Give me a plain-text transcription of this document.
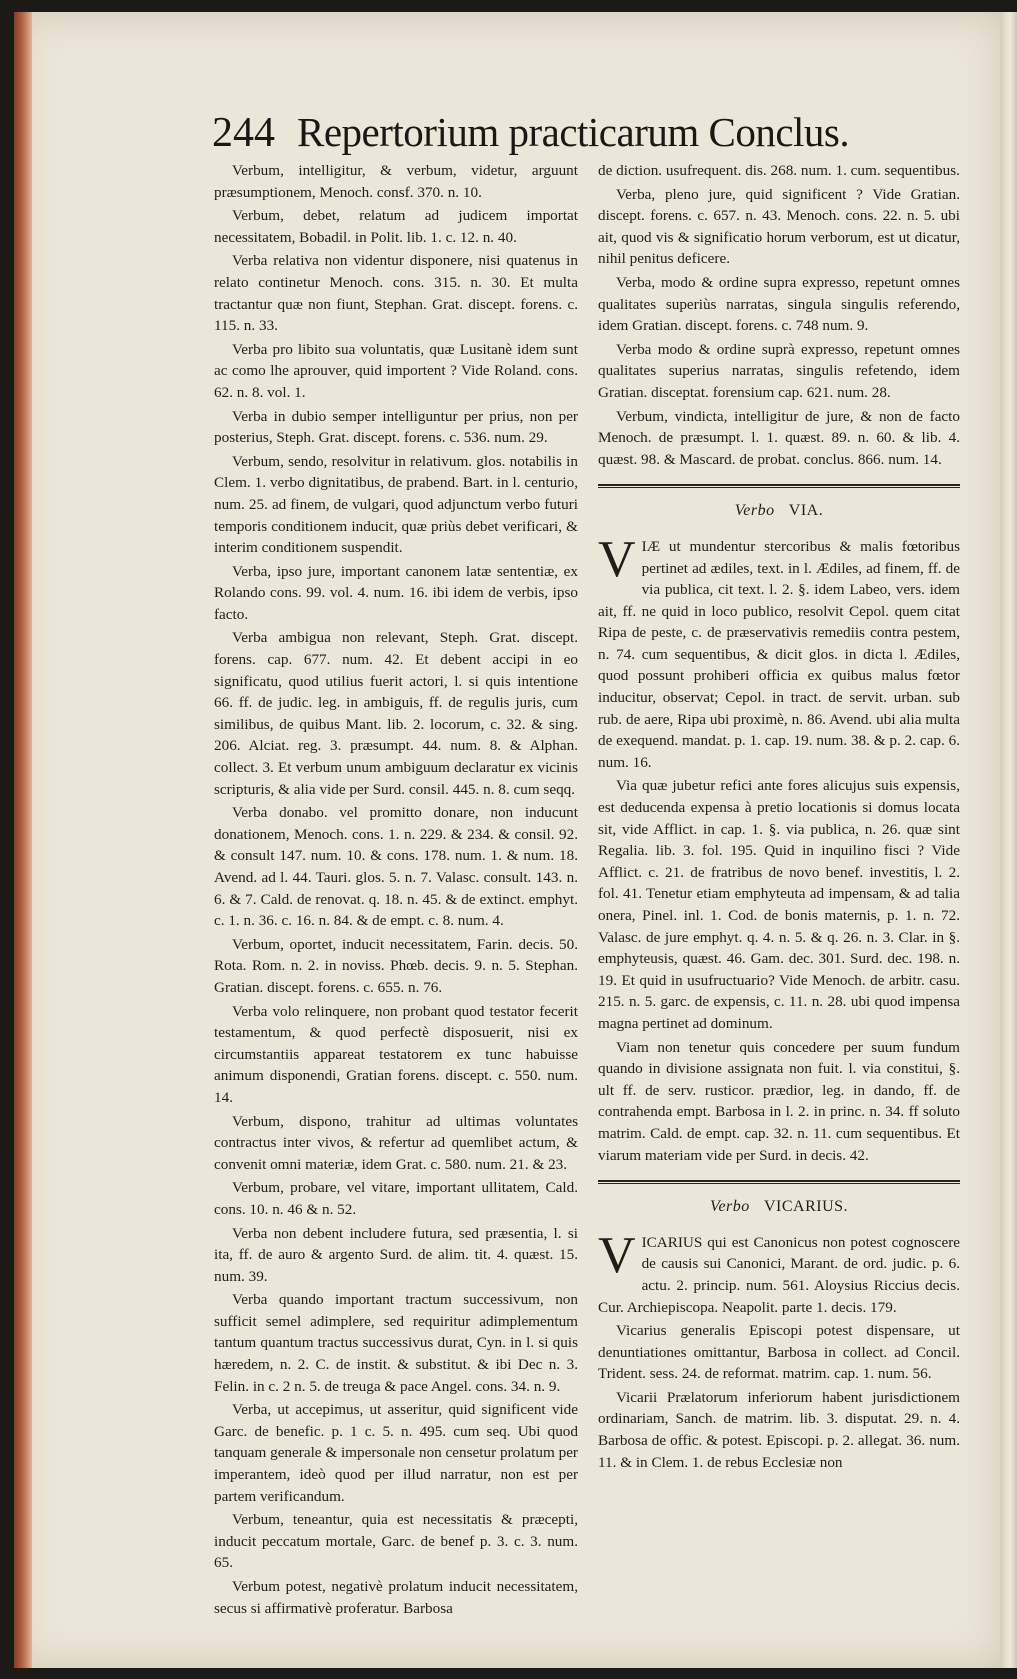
244 Repertorium practicarum Conclus.

Verbum, intelligitur, & verbum, videtur, arguunt præsumptionem, Menoch. consf. 370. n. 10.

Verbum, debet, relatum ad judicem importat necessitatem, Bobadil. in Polit. lib. 1. c. 12. n. 40.

Verba relativa non videntur disponere, nisi quatenus in relato continetur Menoch. cons. 315. n. 30. Et multa tractantur quæ non fiunt, Stephan. Grat. discept. forens. c. 115. n. 33.

Verba pro libito sua voluntatis, quæ Lusitanè idem sunt ac como lhe aprouver, quid importent ? Vide Roland. cons. 62. n. 8. vol. 1.

Verba in dubio semper intelliguntur per prius, non per posterius, Steph. Grat. discept. forens. c. 536. num. 29.

Verbum, sendo, resolvitur in relativum. glos. notabilis in Clem. 1. verbo dignitatibus, de prabend. Bart. in l. centurio, num. 25. ad finem, de vulgari, quod adjunctum verbo futuri temporis conditionem inducit, quæ priùs debet verificari, & interim conditionem suspendit.

Verba, ipso jure, important canonem latæ sententiæ, ex Rolando cons. 99. vol. 4. num. 16. ibi idem de verbis, ipso facto.

Verba ambigua non relevant, Steph. Grat. discept. forens. cap. 677. num. 42. Et debent accipi in eo significatu, quod utilius fuerit actori, l. si quis intentione 66. ff. de judic. leg. in ambiguis, ff. de regulis juris, cum similibus, de quibus Mant. lib. 2. locorum, c. 32. & sing. 206. Alciat. reg. 3. præsumpt. 44. num. 8. & Alphan. collect. 3. Et verbum unum ambiguum declaratur ex vicinis scripturis, & alia vide per Surd. consil. 445. n. 8. cum seqq.

Verba donabo. vel promitto donare, non inducunt donationem, Menoch. cons. 1. n. 229. & 234. & consil. 92. & consult 147. num. 10. & cons. 178. num. 1. & num. 18. Avend. ad l. 44. Tauri. glos. 5. n. 7. Valasc. consult. 143. n. 6. & 7. Cald. de renovat. q. 18. n. 45. & de extinct. emphyt. c. 1. n. 36. c. 16. n. 84. & de empt. c. 8. num. 4.

Verbum, oportet, inducit necessitatem, Farin. decis. 50. Rota. Rom. n. 2. in noviss. Phœb. decis. 9. n. 5. Stephan. Gratian. discept. forens. c. 655. n. 76.

Verba volo relinquere, non probant quod testator fecerit testamentum, & quod perfectè disposuerit, nisi ex circumstantiis appareat testatorem ex tunc habuisse animum disponendi, Gratian forens. discept. c. 550. num. 14.

Verbum, dispono, trahitur ad ultimas voluntates contractus inter vivos, & refertur ad quemlibet actum, & convenit omni materiæ, idem Grat. c. 580. num. 21. & 23.

Verbum, probare, vel vitare, important ullitatem, Cald. cons. 10. n. 46 & n. 52.

Verba non debent includere futura, sed præsentia, l. si ita, ff. de auro & argento Surd. de alim. tit. 4. quæst. 15. num. 39.

Verba quando important tractum successivum, non sufficit semel adimplere, sed requiritur adimplementum tantum quantum tractus successivus durat, Cyn. in l. si quis hæredem, n. 2. C. de instit. & substitut. & ibi Dec n. 3. Felin. in c. 2 n. 5. de treuga & pace Angel. cons. 34. n. 9.

Verba, ut accepimus, ut asseritur, quid significent vide Garc. de benefic. p. 1 c. 5. n. 495. cum seq. Ubi quod tanquam generale & impersonale non censetur prolatum per imperantem, ideò quod per illud narratur, non est per partem verificandum.

Verbum, teneantur, quia est necessitatis & præcepti, inducit peccatum mortale, Garc. de benef p. 3. c. 3. num. 65.

Verbum potest, negativè prolatum inducit necessitatem, secus si affirmativè proferatur. Barbosa

de diction. usufrequent. dis. 268. num. 1. cum. sequentibus.

Verba, pleno jure, quid significent ? Vide Gratian. discept. forens. c. 657. n. 43. Menoch. cons. 22. n. 5. ubi ait, quod vis & significatio horum verborum, est ut dicatur, nihil penitus deficere.

Verba, modo & ordine supra expresso, repetunt omnes qualitates superiùs narratas, singula singulis referendo, idem Gratian. discept. forens. c. 748 num. 9.

Verba modo & ordine suprà expresso, repetunt omnes qualitates superius narratas, singulis refetendo, idem Gratian. disceptat. forensium cap. 621. num. 28.

Verbum, vindicta, intelligitur de jure, & non de facto Menoch. de præsumpt. l. 1. quæst. 89. n. 60. & lib. 4. quæst. 98. & Mascard. de probat. conclus. 866. num. 14.

Verbo VIA.

VIÆ ut mundentur stercoribus & malis fœtoribus pertinet ad ædiles, text. in l. Ædiles, ad finem, ff. de via publica, cit text. l. 2. §. idem Labeo, vers. idem ait, ff. ne quid in loco publico, resolvit Cepol. quem citat Ripa de peste, c. de præservativis remediis contra pestem, n. 74. cum sequentibus, & dicit glos. in dicta l. Ædiles, quod possunt prohiberi officia ex quibus malus fœtor inducitur, observat; Cepol. in tract. de servit. urban. sub rub. de aere, Ripa ubi proximè, n. 86. Avend. ubi alia multa de exequend. mandat. p. 1. cap. 19. num. 38. & p. 2. cap. 6. num. 16.

Via quæ jubetur refici ante fores alicujus suis expensis, est deducenda expensa à pretio locationis si domus locata sit, vide Afflict. in cap. 1. §. via publica, n. 26. quæ sint Regalia. lib. 3. fol. 195. Quid in inquilino fisci ? Vide Afflict. c. 21. de fratribus de novo benef. investitis, l. 2. fol. 41. Tenetur etiam emphyteuta ad impensam, & ad talia onera, Pinel. inl. 1. Cod. de bonis maternis, p. 1. n. 72. Valasc. de jure emphyt. q. 4. n. 5. & q. 26. n. 3. Clar. in §. emphyteusis, quæst. 46. Gam. dec. 301. Surd. dec. 198. n. 19. Et quid in usufructuario? Vide Menoch. de arbitr. casu. 215. n. 5. garc. de expensis, c. 11. n. 28. ubi quod impensa magna pertinet ad dominum.

Viam non tenetur quis concedere per suum fundum quando in divisione assignata non fuit. l. via constitui, §. ult ff. de serv. rusticor. prædior, leg. in dando, ff. de contrahenda empt. Barbosa in l. 2. in princ. n. 34. ff soluto matrim. Cald. de empt. cap. 32. n. 11. cum sequentibus. Et viarum materiam vide per Surd. in decis. 42.

Verbo VICARIUS.

VICARIUS qui est Canonicus non potest cognoscere de causis sui Canonici, Marant. de ord. judic. p. 6. actu. 2. princip. num. 561. Aloysius Riccius decis. Cur. Archiepiscopa. Neapolit. parte 1. decis. 179.

Vicarius generalis Episcopi potest dispensare, ut denuntiationes omittantur, Barbosa in collect. ad Concil. Trident. sess. 24. de reformat. matrim. cap. 1. num. 56.

Vicarii Prælatorum inferiorum habent jurisdictionem ordinariam, Sanch. de matrim. lib. 3. disputat. 29. n. 4. Barbosa de offic. & potest. Episcopi. p. 2. allegat. 36. num. 11. & in Clem. 1. de rebus Ecclesiæ non
